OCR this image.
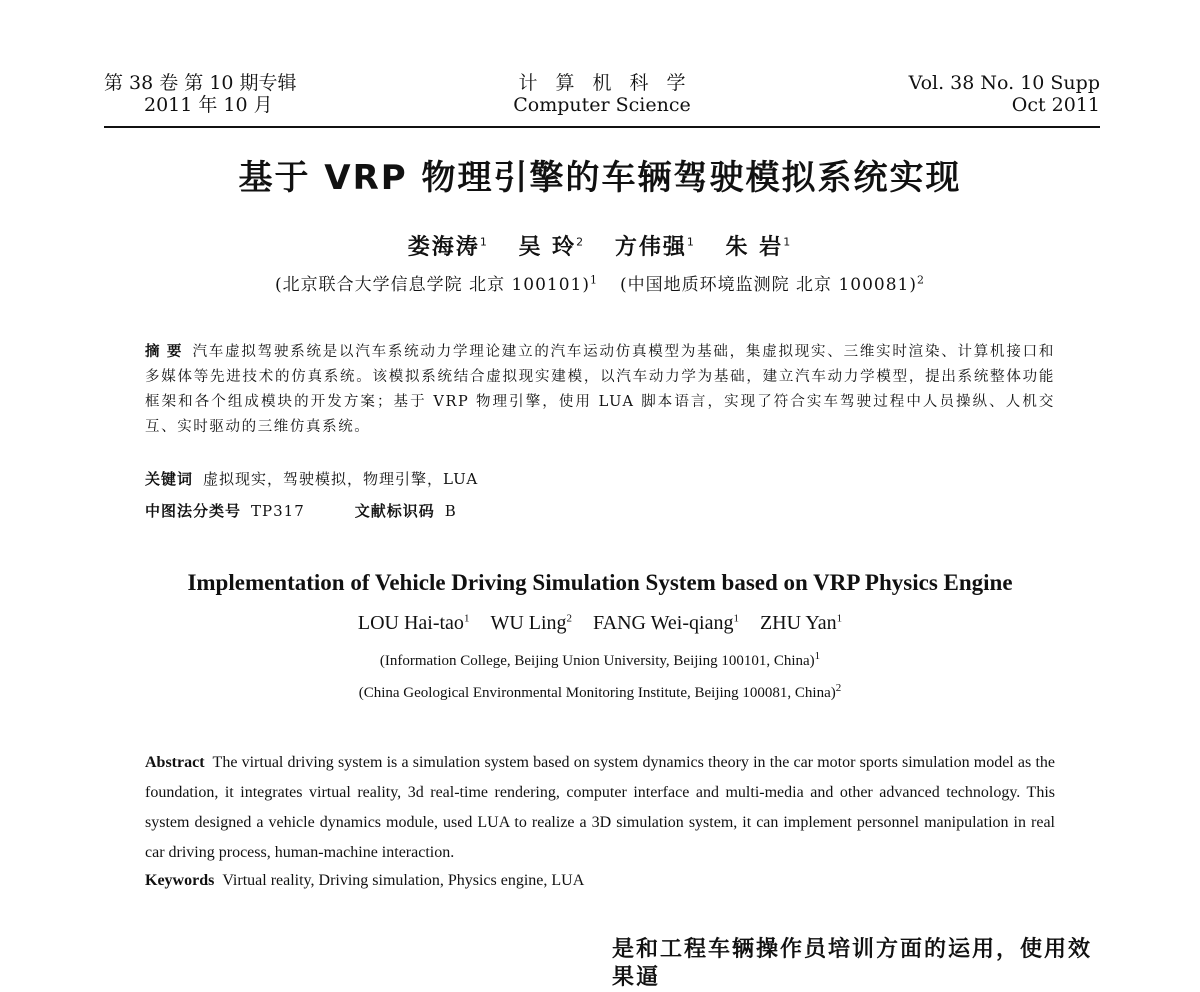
第 38 卷 第 10 期专辑
2011 年 10 月
计算机科学
Computer Science
Vol. 38 No. 10 Supp
Oct 2011
基于 VRP 物理引擎的车辆驾驶模拟系统实现
娄海涛$^1$ 吴 玲$^2$ 方伟强$^1$ 朱 岩$^1$
(北京联合大学信息学院 北京 100101)$^1$ (中国地质环境监测院 北京 100081)$^2$
摘 要 汽车虚拟驾驶系统是以汽车系统动力学理论建立的汽车运动仿真模型为基础，集虚拟现实、三维实时渲染、计算机接口和多媒体等先进技术的仿真系统。该模拟系统结合虚拟现实建模，以汽车动力学为基础，建立汽车动力学模型，提出系统整体功能框架和各个组成模块的开发方案；基于 VRP 物理引擎，使用 LUA 脚本语言，实现了符合实车驾驶过程中人员操纵、人机交互、实时驱动的三维仿真系统。
关键词 虚拟现实，驾驶模拟，物理引擎，LUA
中图法分类号 TP317	文献标识码 B
Implementation of Vehicle Driving Simulation System based on VRP Physics Engine
LOU Hai-tao$^1$ WU Ling$^2$ FANG Wei-qiang$^1$ ZHU Yan$^1$
(Information College, Beijing Union University, Beijing 100101, China)$^1$
(China Geological Environmental Monitoring Institute, Beijing 100081, China)$^2$
Abstract The virtual driving system is a simulation system based on system dynamics theory in the car motor sports simulation model as the foundation, it integrates virtual reality, 3d real-time rendering, computer interface and multi-media and other advanced technology. This system designed a vehicle dynamics module, used LUA to realize a 3D simulation system, it can implement personnel manipulation in real car driving process, human-machine interaction.
Keywords Virtual reality, Driving simulation, Physics engine, LUA
是和工程车辆操作员培训方面的运用，使用效果逼
